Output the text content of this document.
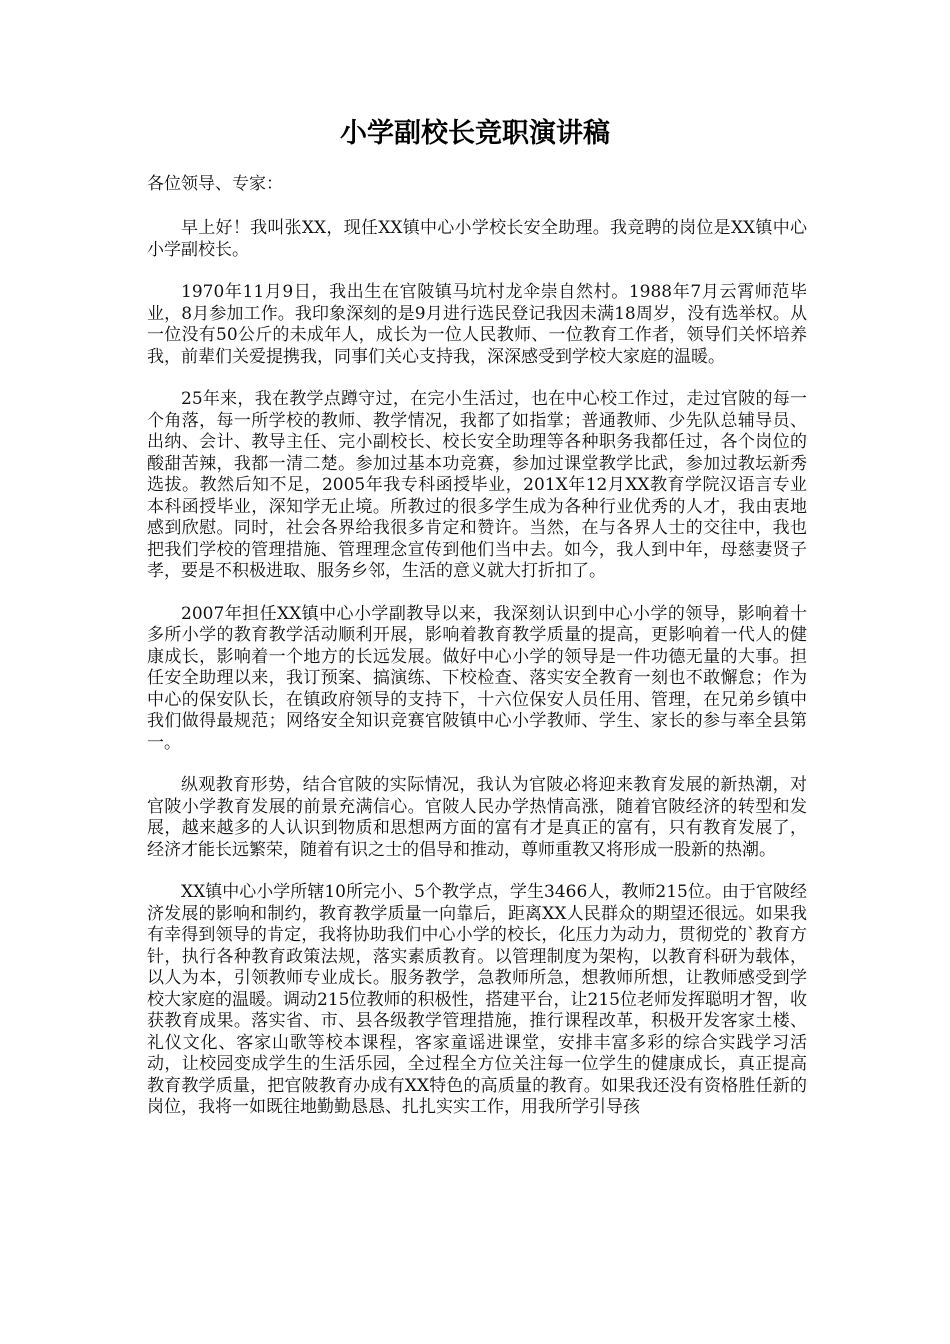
小学副校长竞职演讲稿
各位领导、专家：

早上好！我叫张XX，现任XX镇中心小学校长安全助理。我竞聘的岗位是XX镇中心小学副校长。

1970年11月9日，我出生在官陂镇马坑村龙伞崇自然村。1988年7月云霄师范毕业，8月参加工作。我印象深刻的是9月进行选民登记我因未满18周岁，没有选举权。从一位没有50公斤的未成年人，成长为一位人民教师、一位教育工作者，领导们关怀培养我，前辈们关爱提携我，同事们关心支持我，深深感受到学校大家庭的温暖。

25年来，我在教学点蹲守过，在完小生活过，也在中心校工作过，走过官陂的每一个角落，每一所学校的教师、教学情况，我都了如指掌；普通教师、少先队总辅导员、出纳、会计、教导主任、完小副校长、校长安全助理等各种职务我都任过，各个岗位的酸甜苦辣，我都一清二楚。参加过基本功竞赛，参加过课堂教学比武，参加过教坛新秀选拔。教然后知不足，2005年我专科函授毕业，201X年12月XX教育学院汉语言专业本科函授毕业，深知学无止境。所教过的很多学生成为各种行业优秀的人才，我由衷地感到欣慰。同时，社会各界给我很多肯定和赞许。当然，在与各界人士的交往中，我也把我们学校的管理措施、管理理念宣传到他们当中去。如今，我人到中年，母慈妻贤子孝，要是不积极进取、服务乡邻，生活的意义就大打折扣了。

2007年担任XX镇中心小学副教导以来，我深刻认识到中心小学的领导，影响着十多所小学的教育教学活动顺利开展，影响着教育教学质量的提高，更影响着一代人的健康成长，影响着一个地方的长远发展。做好中心小学的领导是一件功德无量的大事。担任安全助理以来，我订预案、搞演练、下校检查、落实安全教育一刻也不敢懈怠；作为中心的保安队长，在镇政府领导的支持下，十六位保安人员任用、管理，在兄弟乡镇中我们做得最规范；网络安全知识竞赛官陂镇中心小学教师、学生、家长的参与率全县第一。

纵观教育形势，结合官陂的实际情况，我认为官陂必将迎来教育发展的新热潮，对官陂小学教育发展的前景充满信心。官陂人民办学热情高涨，随着官陂经济的转型和发展，越来越多的人认识到物质和思想两方面的富有才是真正的富有，只有教育发展了，经济才能长远繁荣，随着有识之士的倡导和推动，尊师重教又将形成一股新的热潮。

XX镇中心小学所辖10所完小、5个教学点，学生3466人，教师215位。由于官陂经济发展的影响和制约，教育教学质量一向靠后，距离XX人民群众的期望还很远。如果我有幸得到领导的肯定，我将协助我们中心小学的校长，化压力为动力，贯彻党的`教育方针，执行各种教育政策法规，落实素质教育。以管理制度为架构，以教育科研为载体，以人为本，引领教师专业成长。服务教学，急教师所急，想教师所想，让教师感受到学校大家庭的温暖。调动215位教师的积极性，搭建平台，让215位老师发挥聪明才智，收获教育成果。落实省、市、县各级教学管理措施，推行课程改革，积极开发客家土楼、礼仪文化、客家山歌等校本课程，客家童谣进课堂，安排丰富多彩的综合实践学习活动，让校园变成学生的生活乐园，全过程全方位关注每一位学生的健康成长，真正提高教育教学质量，把官陂教育办成有XX特色的高质量的教育。如果我还没有资格胜任新的岗位，我将一如既往地勤勤恳恳、扎扎实实工作，用我所学引导孩
